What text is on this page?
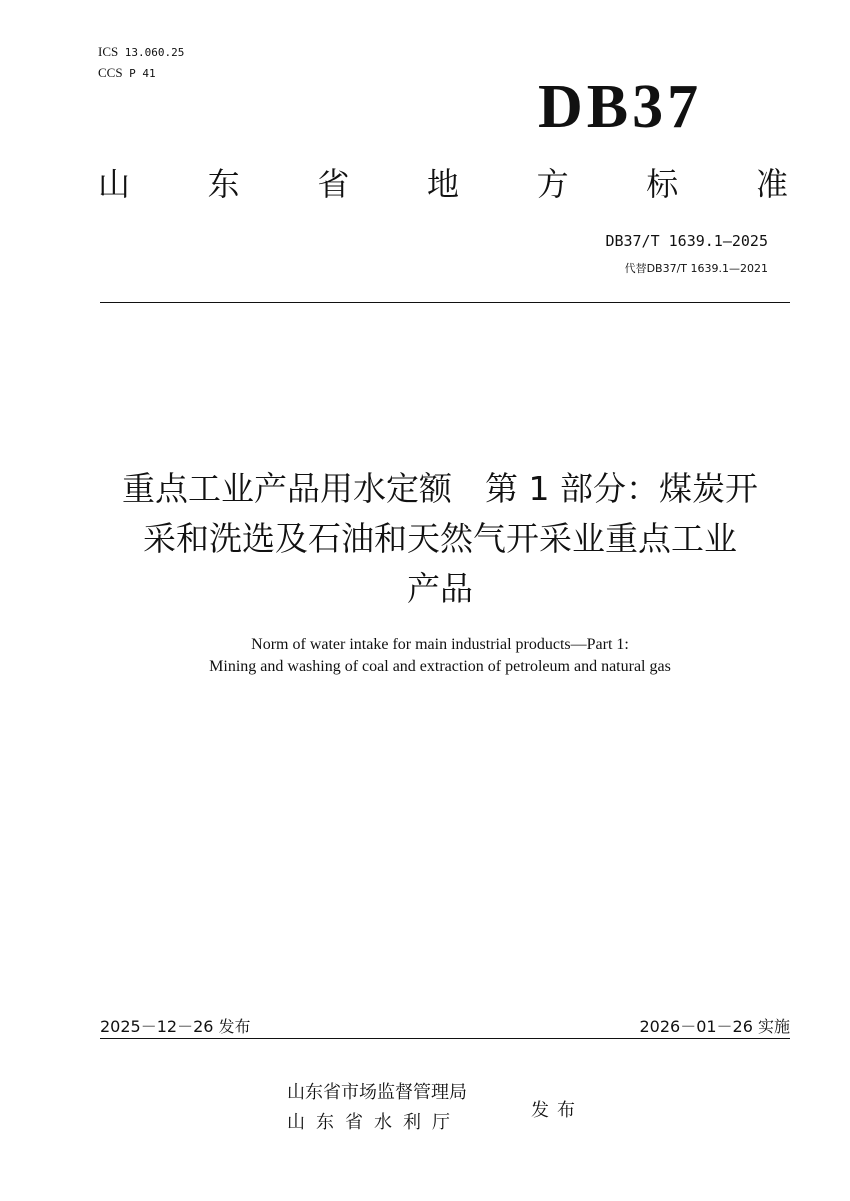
ICS 13.060.25
CCS P 41	DB37
山 东 省 地 方 标 准
DB37/T 1639.1—2025
代替DB37/T 1639.1—2021
重点工业产品用水定额　第 1 部分：煤炭开
采和洗选及石油和天然气开采业重点工业
产品
Norm of water intake for main industrial products—Part 1:
Mining and washing of coal and extraction of petroleum and natural gas
2025－12－26 发布	2026－01－26 实施
山东省市场监督管理局
山东省水利厅
发布
